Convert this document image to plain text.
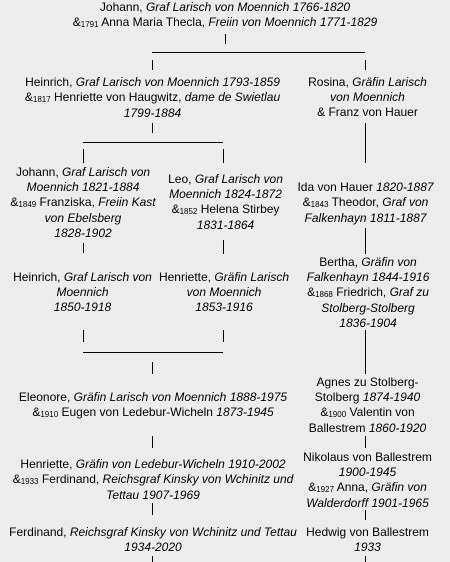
Johann, Graf Larisch von Moennich 1766-1820
&$^{1791}$ Anna Maria Thecla, Freiin von Moennich 1771-1829
Heinrich, Graf Larisch von Moennich 1793-1859
&$^{1817}$ Henriette von Haugwitz, dame de Swietlau
1799-1884
Rosina, Gräfin Larisch von Moennich
& Franz von Hauer
Johann, Graf Larisch von Moennich 1821-1884
&$^{1849}$ Franziska, Freiin Kast von Ebelsberg
1828-1902
Leo, Graf Larisch von Moennich 1824-1872
&$^{1852}$ Helena Stirbey
1831-1864
Ida von Hauer 1820-1887
&$^{1843}$ Theodor, Graf von Falkenhayn 1811-1887
Heinrich, Graf Larisch von Moennich
1850-1918
Henriette, Gräfin Larisch von Moennich
1853-1916
Bertha, Gräfin von Falkenhayn 1844-1916
&$^{1868}$ Friedrich, Graf zu Stolberg-Stolberg
1836-1904
Eleonore, Gräfin Larisch von Moennich 1888-1975
&$^{1910}$ Eugen von Ledebur-Wicheln 1873-1945
Agnes zu Stolberg-Stolberg 1874-1940
&$^{1900}$ Valentin von Ballestrem 1860-1920
Henriette, Gräfin von Ledebur-Wicheln 1910-2002
&$^{1933}$ Ferdinand, Reichsgraf Kinsky von Wchinitz und Tettau 1907-1969
Nikolaus von Ballestrem 1900-1945
&$^{1927}$ Anna, Gräfin von Walderdorff 1901-1965
Ferdinand, Reichsgraf Kinsky von Wchinitz und Tettau 1934-2020
Hedwig von Ballestrem
1933
